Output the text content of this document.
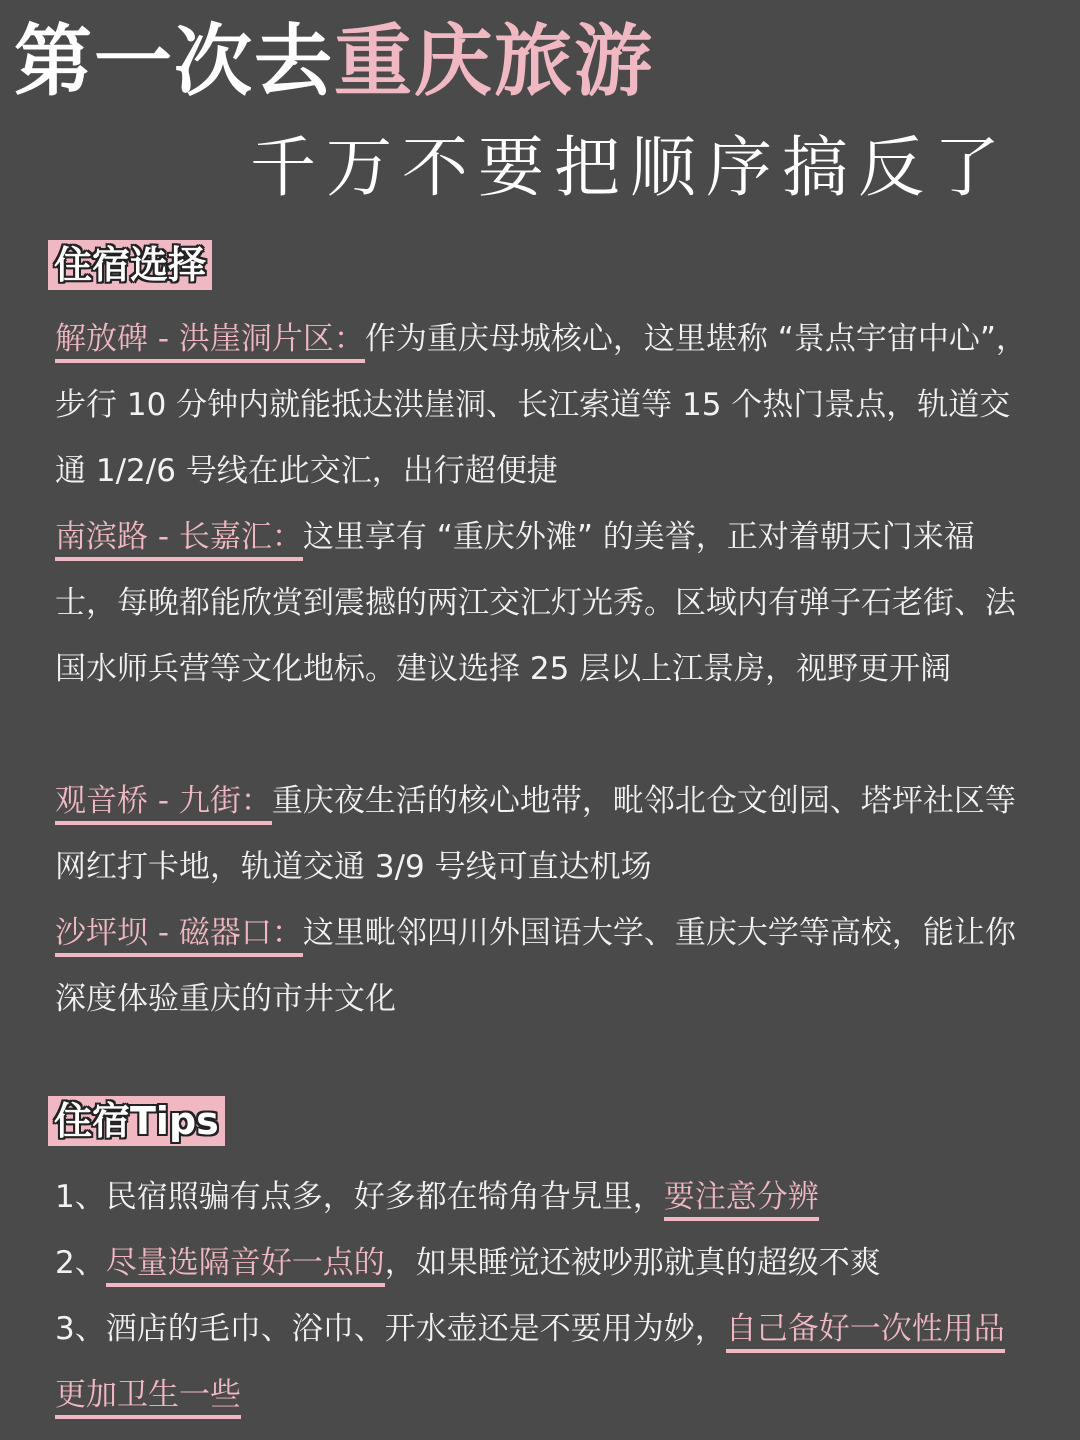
第一次去重庆旅游
千万不要把顺序搞反了
住宿选择
解放碑 - 洪崖洞片区：作为重庆母城核心，这里堪称 “景点宇宙中心”，步行 10 分钟内就能抵达洪崖洞、长江索道等 15 个热门景点，轨道交通 1/2/6 号线在此交汇，出行超便捷
南滨路 - 长嘉汇：这里享有 “重庆外滩” 的美誉，正对着朝天门来福士，每晚都能欣赏到震撼的两江交汇灯光秀。区域内有弹子石老街、法国水师兵营等文化地标。建议选择 25 层以上江景房，视野更开阔
观音桥 - 九街：重庆夜生活的核心地带，毗邻北仓文创园、塔坪社区等网红打卡地，轨道交通 3/9 号线可直达机场
沙坪坝 - 磁器口：这里毗邻四川外国语大学、重庆大学等高校，能让你深度体验重庆的市井文化
住宿Tips
1、民宿照骗有点多，好多都在犄角旮旯里，要注意分辨
2、尽量选隔音好一点的，如果睡觉还被吵那就真的超级不爽
3、酒店的毛巾、浴巾、开水壶还是不要用为妙，自己备好一次性用品更加卫生一些
